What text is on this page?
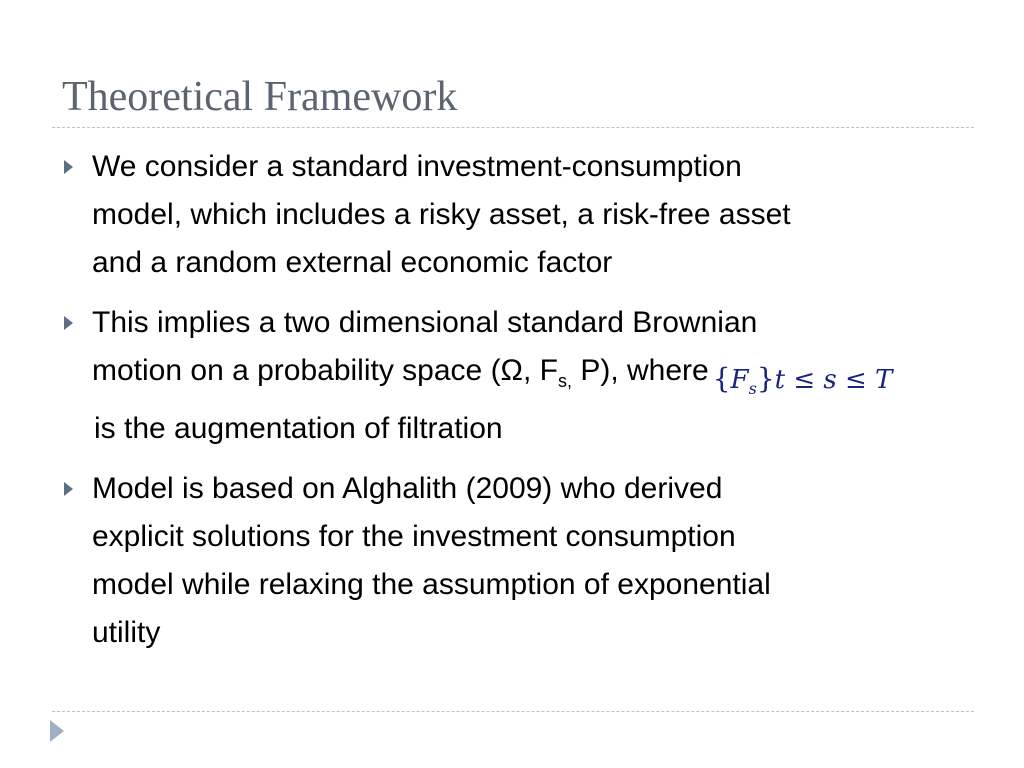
Theoretical Framework
We consider a standard investment-consumption
model, which includes a risky asset, a risk-free asset
and a random external economic factor
This implies a two dimensional standard Brownian
motion on a probability space (Ω, $F_{s,}$ P), where $\{F_s\}t \le s \le T$
is the augmentation of filtration
Model is based on Alghalith (2009) who derived
explicit solutions for the investment consumption
model while relaxing the assumption of exponential
utility
